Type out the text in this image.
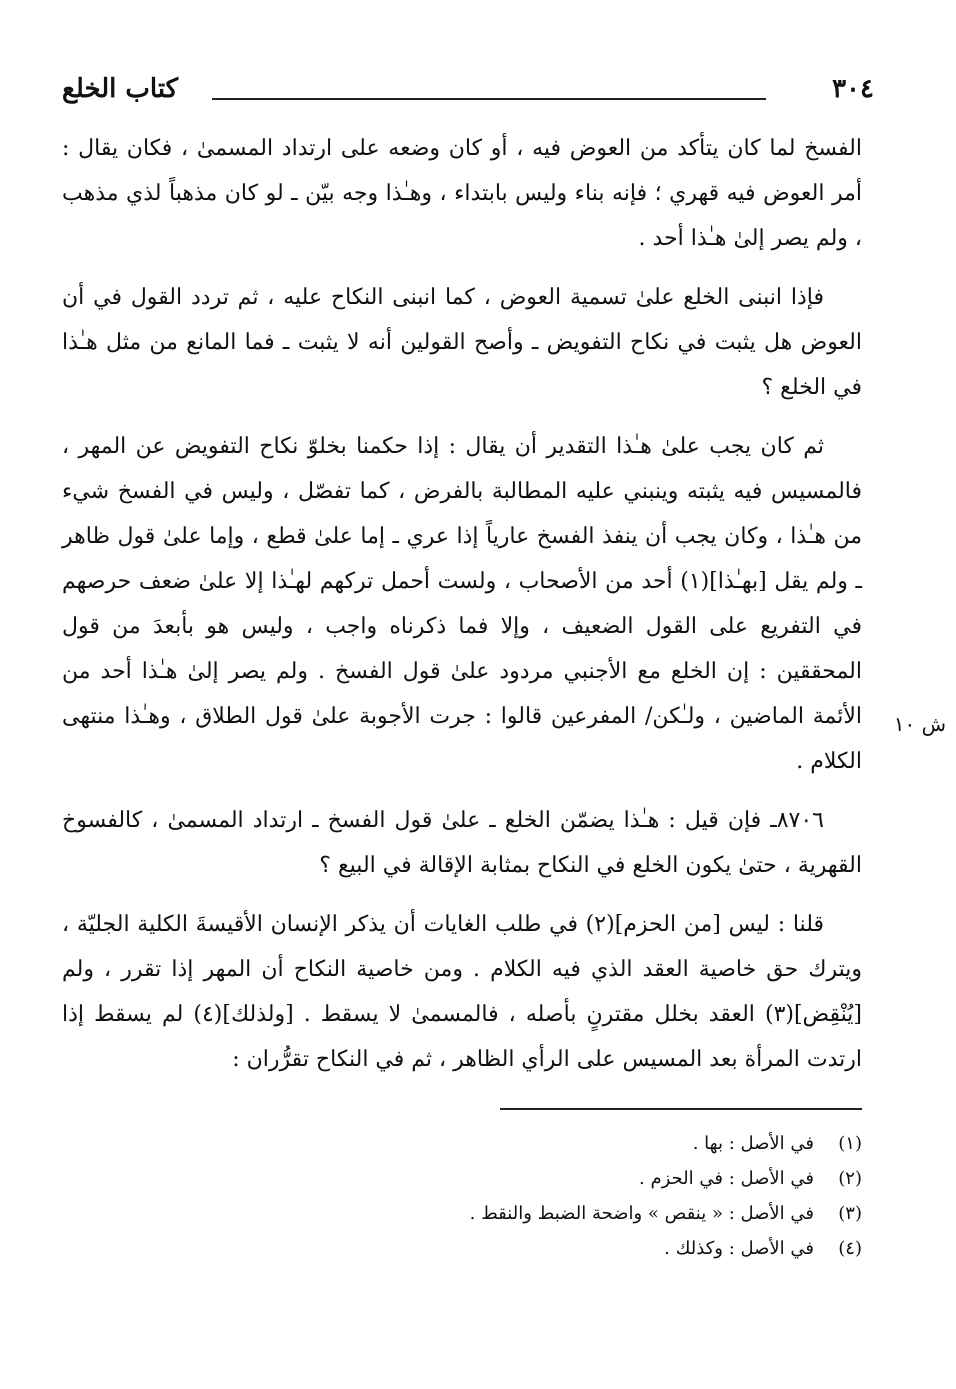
٣٠٤
كتاب الخلع
ش ١٠

الفسخ لما كان يتأكد من العوض فيه ، أو كان وضعه على ارتداد المسمىٰ ، فكان يقال : أمر العوض فيه قهري ؛ فإنه بناء وليس بابتداء ، وهـٰذا وجه بيّن ـ لو كان مذهباً لذي مذهب ، ولم يصر إلىٰ هـٰذا أحد .

فإذا انبنى الخلع علىٰ تسمية العوض ، كما انبنى النكاح عليه ، ثم تردد القول في أن العوض هل يثبت في نكاح التفويض ـ وأصح القولين أنه لا يثبت ـ فما المانع من مثل هـٰذا في الخلع ؟

ثم كان يجب علىٰ هـٰذا التقدير أن يقال : إذا حكمنا بخلوّ نكاح التفويض عن المهر ، فالمسيس فيه يثبته وينبني عليه المطالبة بالفرض ، كما تفصّل ، وليس في الفسخ شيء من هـٰذا ، وكان يجب أن ينفذ الفسخ عارياً إذا عري ـ إما علىٰ قطع ، وإما علىٰ قول ظاهر ـ ولم يقل [بهـٰذا](١) أحد من الأصحاب ، ولست أحمل تركهم لهـٰذا إلا علىٰ ضعف حرصهم في التفريع على القول الضعيف ، وإلا فما ذكرناه واجب ، وليس هو بأبعدَ من قول المحققين : إن الخلع مع الأجنبي مردود علىٰ قول الفسخ . ولم يصر إلىٰ هـٰذا أحد من الأئمة الماضين ، ولـٰكن/ المفرعين قالوا : جرت الأجوبة علىٰ قول الطلاق ، وهـٰذا منتهى الكلام .

٨٧٠٦ـ فإن قيل : هـٰذا يضمّن الخلع ـ علىٰ قول الفسخ ـ ارتداد المسمىٰ ، كالفسوخ القهرية ، حتىٰ يكون الخلع في النكاح بمثابة الإقالة في البيع ؟

قلنا : ليس [من الحزم](٢) في طلب الغايات أن يذكر الإنسان الأقيسةَ الكلية الجليّة ، ويترك حق خاصية العقد الذي فيه الكلام . ومن خاصية النكاح أن المهر إذا تقرر ، ولم [يُنْقِض](٣) العقد بخلل مقترنٍ بأصله ، فالمسمىٰ لا يسقط . [ولذلك](٤) لم يسقط إذا ارتدت المرأة بعد المسيس على الرأي الظاهر ، ثم في النكاح تقرُّران :

(١)
في الأصل : بها .
(٢)
في الأصل : في الحزم .
(٣)
في الأصل : « ينقص » واضحة الضبط والنقط .
(٤)
في الأصل : وكذلك .
